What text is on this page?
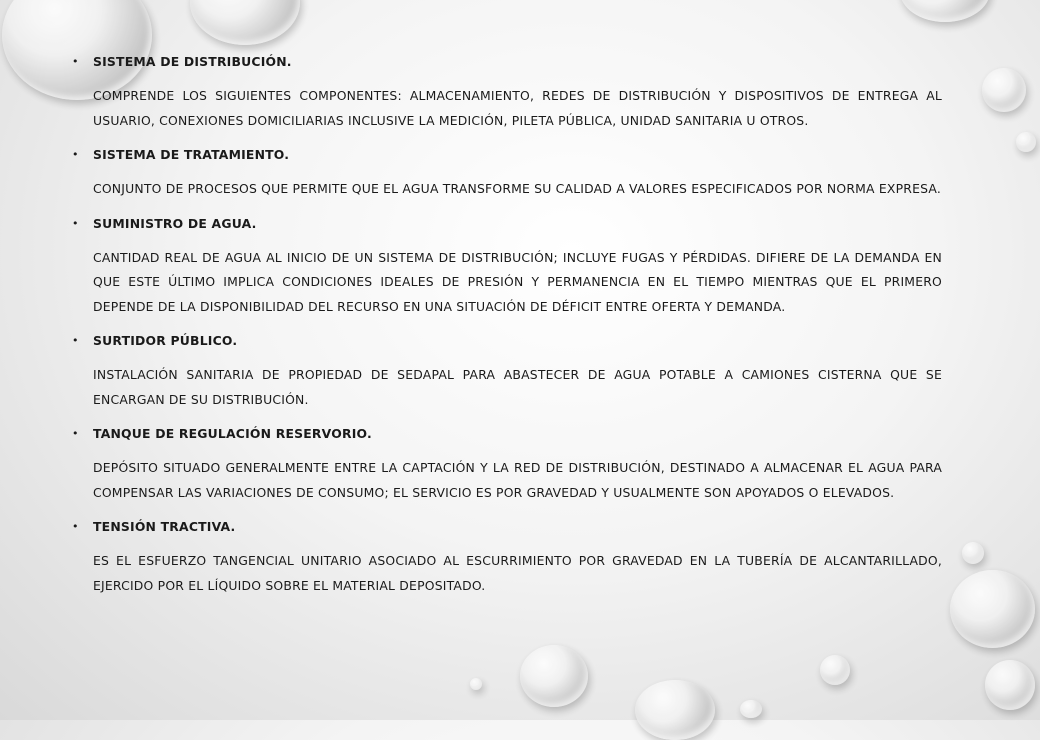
•	SISTEMA DE DISTRIBUCIÓN.

COMPRENDE LOS SIGUIENTES COMPONENTES: ALMACENAMIENTO, REDES DE DISTRIBUCIÓN Y DISPOSITIVOS DE ENTREGA AL USUARIO, CONEXIONES DOMICILIARIAS INCLUSIVE LA MEDICIÓN, PILETA PÚBLICA, UNIDAD SANITARIA U OTROS.

•	SISTEMA DE TRATAMIENTO.

CONJUNTO DE PROCESOS QUE PERMITE QUE EL AGUA TRANSFORME SU CALIDAD A VALORES ESPECIFICADOS POR NORMA EXPRESA.

•	SUMINISTRO DE AGUA.

CANTIDAD REAL DE AGUA AL INICIO DE UN SISTEMA DE DISTRIBUCIÓN; INCLUYE FUGAS Y PÉRDIDAS. DIFIERE DE LA DEMANDA EN QUE ESTE ÚLTIMO IMPLICA CONDICIONES IDEALES DE PRESIÓN Y PERMANENCIA EN EL TIEMPO MIENTRAS QUE EL PRIMERO DEPENDE DE LA DISPONIBILIDAD DEL RECURSO EN UNA SITUACIÓN DE DÉFICIT ENTRE OFERTA Y DEMANDA.

•	SURTIDOR PÚBLICO.

INSTALACIÓN SANITARIA DE PROPIEDAD DE SEDAPAL PARA ABASTECER DE AGUA POTABLE A CAMIONES CISTERNA QUE SE ENCARGAN DE SU DISTRIBUCIÓN.

•	TANQUE DE REGULACIÓN RESERVORIO.

DEPÓSITO SITUADO GENERALMENTE ENTRE LA CAPTACIÓN Y LA RED DE DISTRIBUCIÓN, DESTINADO A ALMACENAR EL AGUA PARA COMPENSAR LAS VARIACIONES DE CONSUMO; EL SERVICIO ES POR GRAVEDAD Y USUALMENTE SON APOYADOS O ELEVADOS.

•	TENSIÓN TRACTIVA.

ES EL ESFUERZO TANGENCIAL UNITARIO ASOCIADO AL ESCURRIMIENTO POR GRAVEDAD EN LA TUBERÍA DE ALCANTARILLADO, EJERCIDO POR EL LÍQUIDO SOBRE EL MATERIAL DEPOSITADO.
